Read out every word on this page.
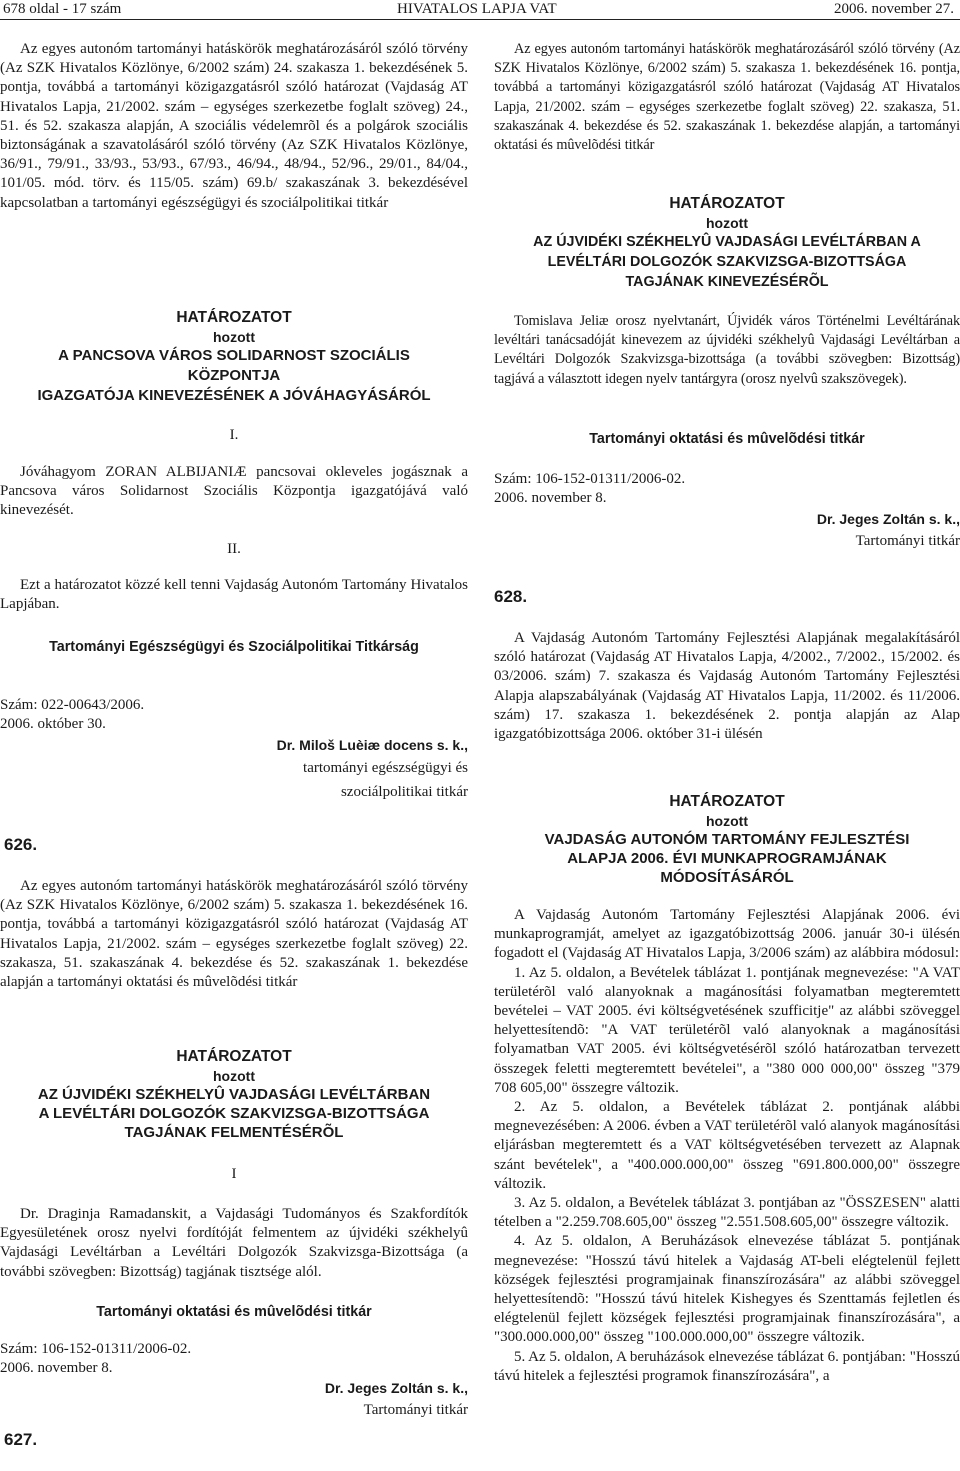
678 oldal - 17 szám	HIVATALOS LAPJA VAT	2006. november 27.

Az egyes autonóm tartományi hatáskörök meghatározásáról szóló törvény (Az SZK Hivatalos Közlönye, 6/2002 szám) 24. szakasza 1. bekezdésének 5. pontja, továbbá a tartományi közigazgatásról szóló határozat (Vajdaság AT Hivatalos Lapja, 21/2002. szám – egységes szerkezetbe foglalt szöveg) 24., 51. és 52. szakasza alapján, A szociális védelemrõl és a polgárok szociális biztonságának a szavatolásáról szóló törvény (Az SZK Hivatalos Közlönye, 36/91., 79/91., 33/93., 53/93., 67/93., 46/94., 48/94., 52/96., 29/01., 84/04., 101/05. mód. törv. és 115/05. szám) 69.b/ szakaszának 3. bekezdésével kapcsolatban a tartományi egészségügyi és szociálpolitikai titkár

HATÁROZATOT
hozott
A PANCSOVA VÁROS SOLIDARNOST SZOCIÁLIS
KÖZPONTJA
IGAZGATÓJA KINEVEZÉSÉNEK A JÓVÁHAGYÁSÁRÓL

I.

Jóváhagyom ZORAN ALBIJANIÆ pancsovai okleveles jogásznak a Pancsova város Solidarnost Szociális Központja igazgatójává való kinevezését.

II.

Ezt a határozatot közzé kell tenni Vajdaság Autonóm Tartomány Hivatalos Lapjában.

Tartományi Egészségügyi és Szociálpolitikai Titkárság

Szám: 022-00643/2006.

2006. október 30.

Dr. Miloš Luèiæ docens s. k.,

tartományi egészségügyi és

szociálpolitikai titkár

626.

Az egyes autonóm tartományi hatáskörök meghatározásáról szóló törvény (Az SZK Hivatalos Közlönye, 6/2002 szám) 5. szakasza 1. bekezdésének 16. pontja, továbbá a tartományi közigazgatásról szóló határozat (Vajdaság AT Hivatalos Lapja, 21/2002. szám – egységes szerkezetbe foglalt szöveg) 22. szakasza, 51. szakaszának 4. bekezdése és 52. szakaszának 1. bekezdése alapján a tartományi oktatási és mûvelõdési titkár

HATÁROZATOT
hozott
AZ ÚJVIDÉKI SZÉKHELYÛ VAJDASÁGI LEVÉLTÁRBAN
A LEVÉLTÁRI DOLGOZÓK SZAKVIZSGA-BIZOTTSÁGA
TAGJÁNAK FELMENTÉSÉRÕL

I

Dr. Draginja Ramadanskit, a Vajdasági Tudományos és Szakfordítók Egyesületének orosz nyelvi fordítóját felmentem az újvidéki székhelyû Vajdasági Levéltárban a Levéltári Dolgozók Szakvizsga-Bizottsága (a további szövegben: Bizottság) tagjának tisztsége alól.

Tartományi oktatási és mûvelõdési titkár

Szám: 106-152-01311/2006-02.

2006. november 8.

Dr. Jeges Zoltán s. k.,

Tartományi titkár

627.

Az egyes autonóm tartományi hatáskörök meghatározásáról szóló törvény (Az SZK Hivatalos Közlönye, 6/2002 szám) 5. szakasza 1. bekezdésének 16. pontja, továbbá a tartományi közigazgatásról szóló határozat (Vajdaság AT Hivatalos Lapja, 21/2002. szám – egységes szerkezetbe foglalt szöveg) 22. szakasza, 51. szakaszának 4. bekezdése és 52. szakaszának 1. bekezdése alapján, a tartományi oktatási és mûvelõdési titkár

HATÁROZATOT
hozott
AZ ÚJVIDÉKI SZÉKHELYÛ VAJDASÁGI LEVÉLTÁRBAN A
LEVÉLTÁRI DOLGOZÓK SZAKVIZSGA-BIZOTTSÁGA
TAGJÁNAK KINEVEZÉSÉRÕL

Tomislava Jeliæ orosz nyelvtanárt, Újvidék város Történelmi Levéltárának levéltári tanácsadóját kinevezem az újvidéki székhelyû Vajdasági Levéltárban a Levéltári Dolgozók Szakvizsga-bizottsága (a további szövegben: Bizottság) tagjává a választott idegen nyelv tantárgyra (orosz nyelvû szakszövegek).

Tartományi oktatási és mûvelõdési titkár

Szám: 106-152-01311/2006-02.

2006. november 8.

Dr. Jeges Zoltán s. k.,

Tartományi titkár

628.

A Vajdaság Autonóm Tartomány Fejlesztési Alapjának megalakításáról szóló határozat (Vajdaság AT Hivatalos Lapja, 4/2002., 7/2002., 15/2002. és 03/2006. szám) 7. szakasza és Vajdaság Autonóm Tartomány Fejlesztési Alapja alapszabályának (Vajdaság AT Hivatalos Lapja, 11/2002. és 11/2006. szám) 17. szakasza 1. bekezdésének 2. pontja alapján az Alap igazgatóbizottsága 2006. október 31-i ülésén

HATÁROZATOT
hozott
VAJDASÁG AUTONÓM TARTOMÁNY FEJLESZTÉSI
ALAPJA 2006. ÉVI MUNKAPROGRAMJÁNAK
MÓDOSÍTÁSÁRÓL

A Vajdaság Autonóm Tartomány Fejlesztési Alapjának 2006. évi munkaprogramját, amelyet az igazgatóbizottság 2006. január 30-i ülésén fogadott el (Vajdaság AT Hivatalos Lapja, 3/2006 szám) az alábbira módosul:

1. Az 5. oldalon, a Bevételek táblázat 1. pontjának megnevezése: "A VAT területérõl való alanyoknak a magánosítási folyamatban megteremtett bevételei – VAT 2005. évi költségvetésének szufficitje" az alábbi szöveggel helyettesítendõ: "A VAT területérõl való alanyoknak a magánosítási folyamatban VAT 2005. évi költségvetésérõl szóló határozatban tervezett összegek feletti megteremtett bevételei", a "380 000 000,00" összeg "379 708 605,00" összegre változik.

2. Az 5. oldalon, a Bevételek táblázat 2. pontjának alábbi megnevezésében: A 2006. évben a VAT területérõl való alanyok magánosítási eljárásban megteremtett és a VAT költségvetésében tervezett az Alapnak szánt bevételek", a "400.000.000,00" összeg "691.800.000,00" összegre változik.

3. Az 5. oldalon, a Bevételek táblázat 3. pontjában az "ÖSSZESEN" alatti tételben a "2.259.708.605,00" összeg "2.551.508.605,00" összegre változik.

4. Az 5. oldalon, A Beruházások elnevezése táblázat 5. pontjának megnevezése: "Hosszú távú hitelek a Vajdaság AT-beli elégtelenül fejlett községek fejlesztési programjainak finanszírozására" az alábbi szöveggel helyettesítendõ: "Hosszú távú hitelek Kishegyes és Szenttamás fejletlen és elégtelenül fejlett községek fejlesztési programjainak finanszírozására", a "300.000.000,00" összeg "100.000.000,00" összegre változik.

5. Az 5. oldalon, A beruházások elnevezése táblázat 6. pontjában: "Hosszú távú hitelek a fejlesztési programok finanszírozására", a
